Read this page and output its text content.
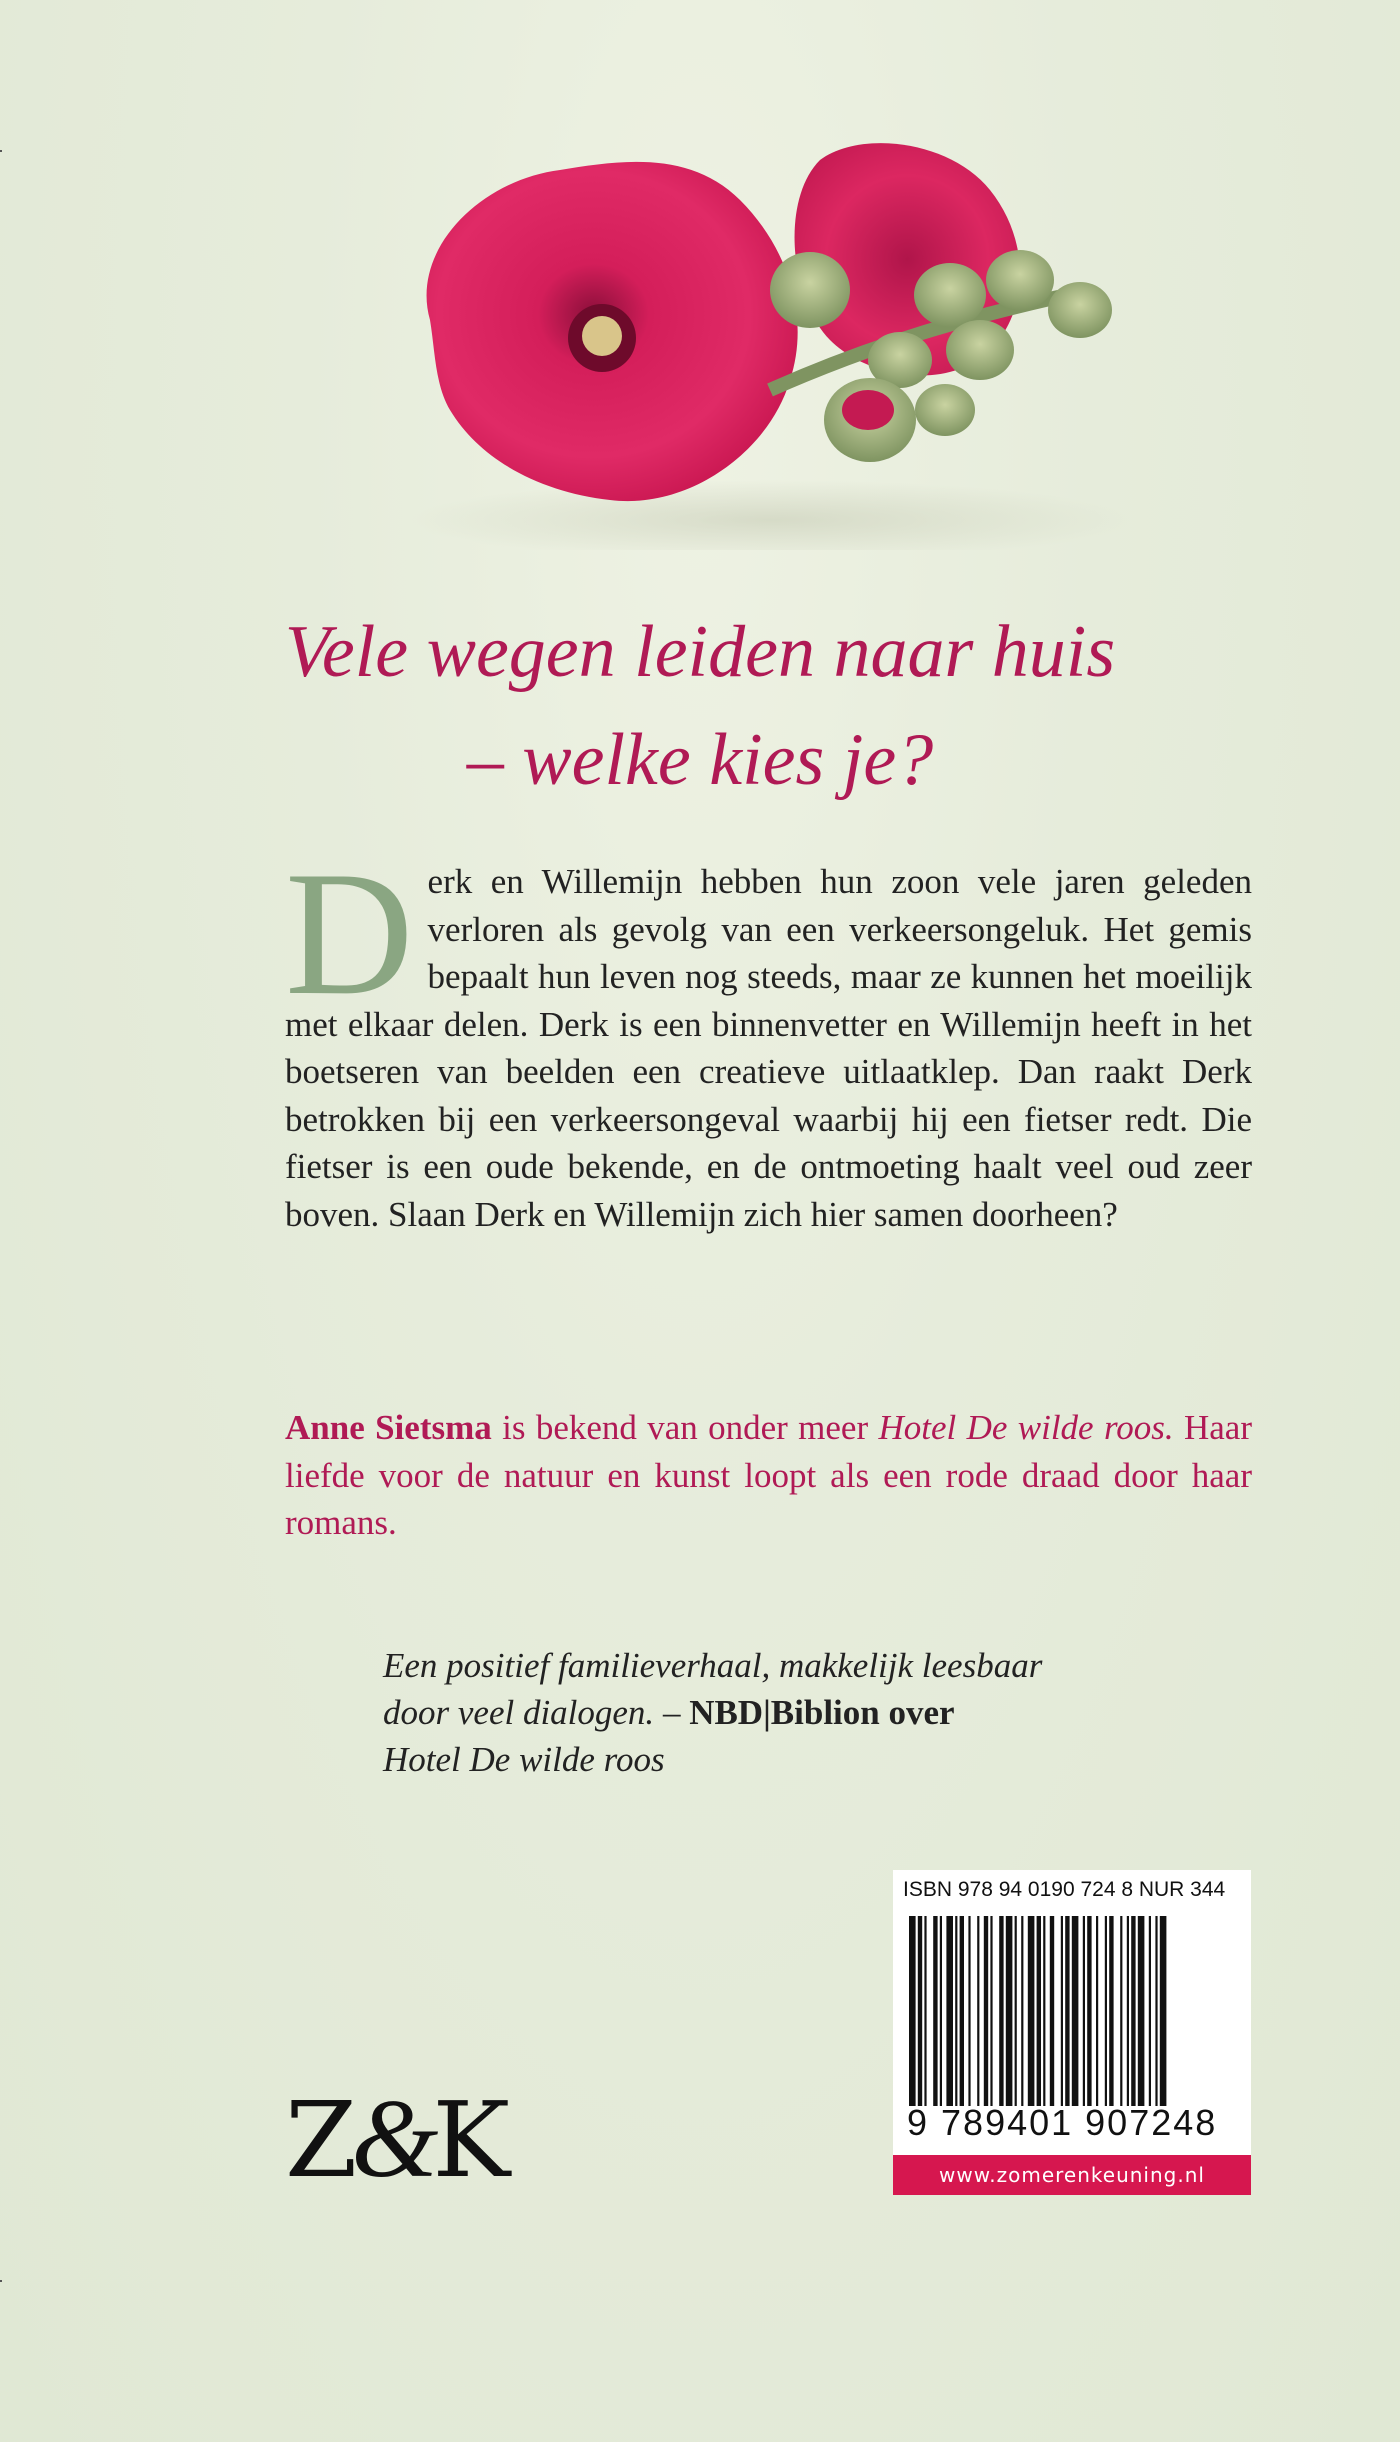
Vele wegen leiden naar huis
– welke kies je?
Derk en Willemijn hebben hun zoon vele jaren geleden verloren als gevolg van een verkeersongeluk. Het gemis bepaalt hun leven nog steeds, maar ze kunnen het moeilijk met elkaar delen. Derk is een binnenvetter en Willemijn heeft in het boetseren van beelden een creatieve uitlaatklep. Dan raakt Derk betrokken bij een verkeersongeval waarbij hij een fietser redt. Die fietser is een oude bekende, en de ontmoeting haalt veel oud zeer boven. Slaan Derk en Willemijn zich hier samen doorheen?
Anne Sietsma is bekend van onder meer Hotel De wilde roos. Haar liefde voor de natuur en kunst loopt als een rode draad door haar romans.
Een positief familieverhaal, makkelijk leesbaar door veel dialogen. – NBD|Biblion over
Hotel De wilde roos
ISBN 978 94 0190 724 8 NUR 344
9 789401 907248
www.zomerenkeuning.nl
Z&K
